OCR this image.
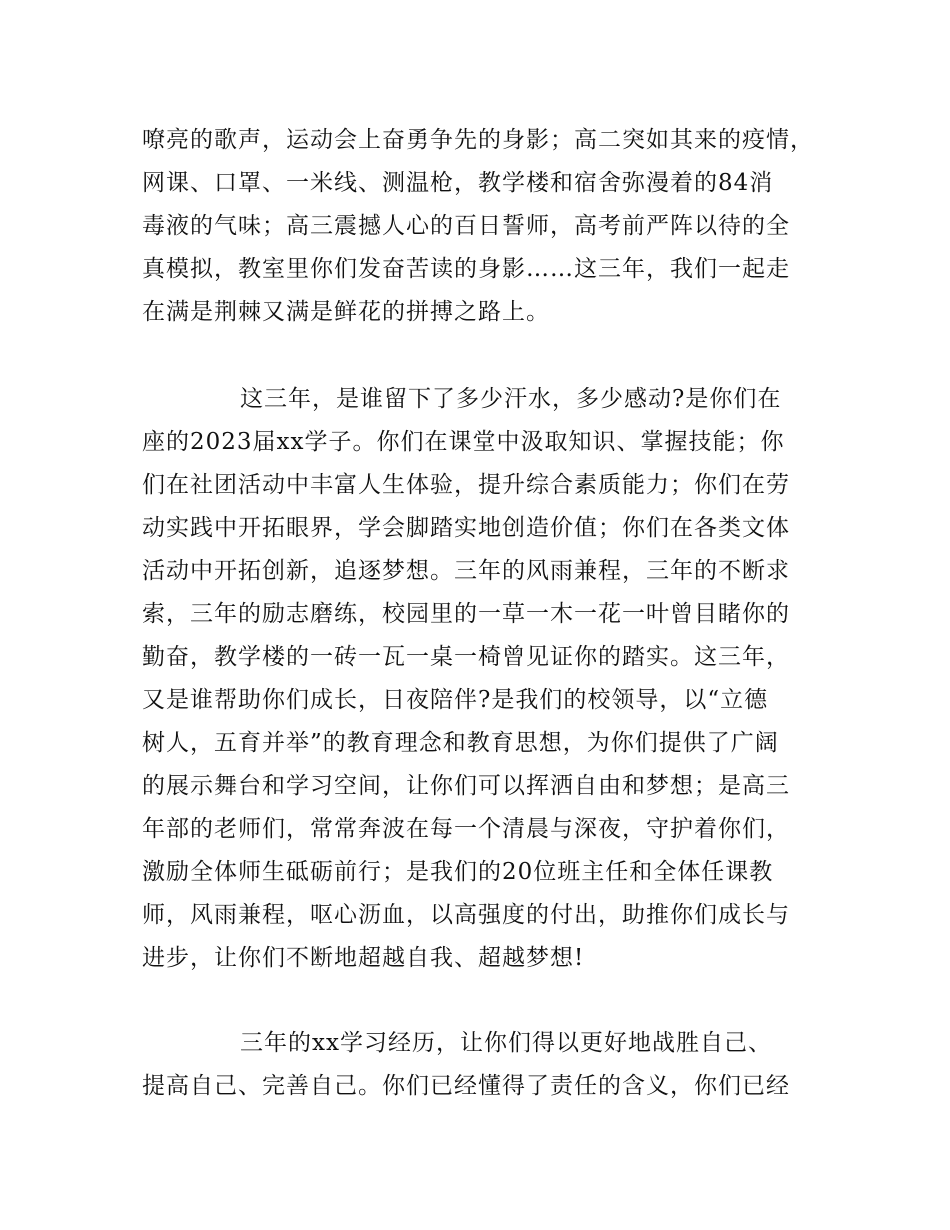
嘹亮的歌声，运动会上奋勇争先的身影；高二突如其来的疫情，
网课、口罩、一米线、测温枪，教学楼和宿舍弥漫着的84消
毒液的气味；高三震撼人心的百日誓师，高考前严阵以待的全
真模拟，教室里你们发奋苦读的身影……这三年，我们一起走
在满是荆棘又满是鲜花的拼搏之路上。
这三年，是谁留下了多少汗水，多少感动?是你们在
座的2023届xx学子。你们在课堂中汲取知识、掌握技能；你
们在社团活动中丰富人生体验，提升综合素质能力；你们在劳
动实践中开拓眼界，学会脚踏实地创造价值；你们在各类文体
活动中开拓创新，追逐梦想。三年的风雨兼程，三年的不断求
索，三年的励志磨练，校园里的一草一木一花一叶曾目睹你的
勤奋，教学楼的一砖一瓦一桌一椅曾见证你的踏实。这三年，
又是谁帮助你们成长，日夜陪伴?是我们的校领导，以“立德
树人，五育并举”的教育理念和教育思想，为你们提供了广阔
的展示舞台和学习空间，让你们可以挥洒自由和梦想；是高三
年部的老师们，常常奔波在每一个清晨与深夜，守护着你们，
激励全体师生砥砺前行；是我们的20位班主任和全体任课教
师，风雨兼程，呕心沥血，以高强度的付出，助推你们成长与
进步，让你们不断地超越自我、超越梦想!
三年的xx学习经历，让你们得以更好地战胜自己、
提高自己、完善自己。你们已经懂得了责任的含义，你们已经
